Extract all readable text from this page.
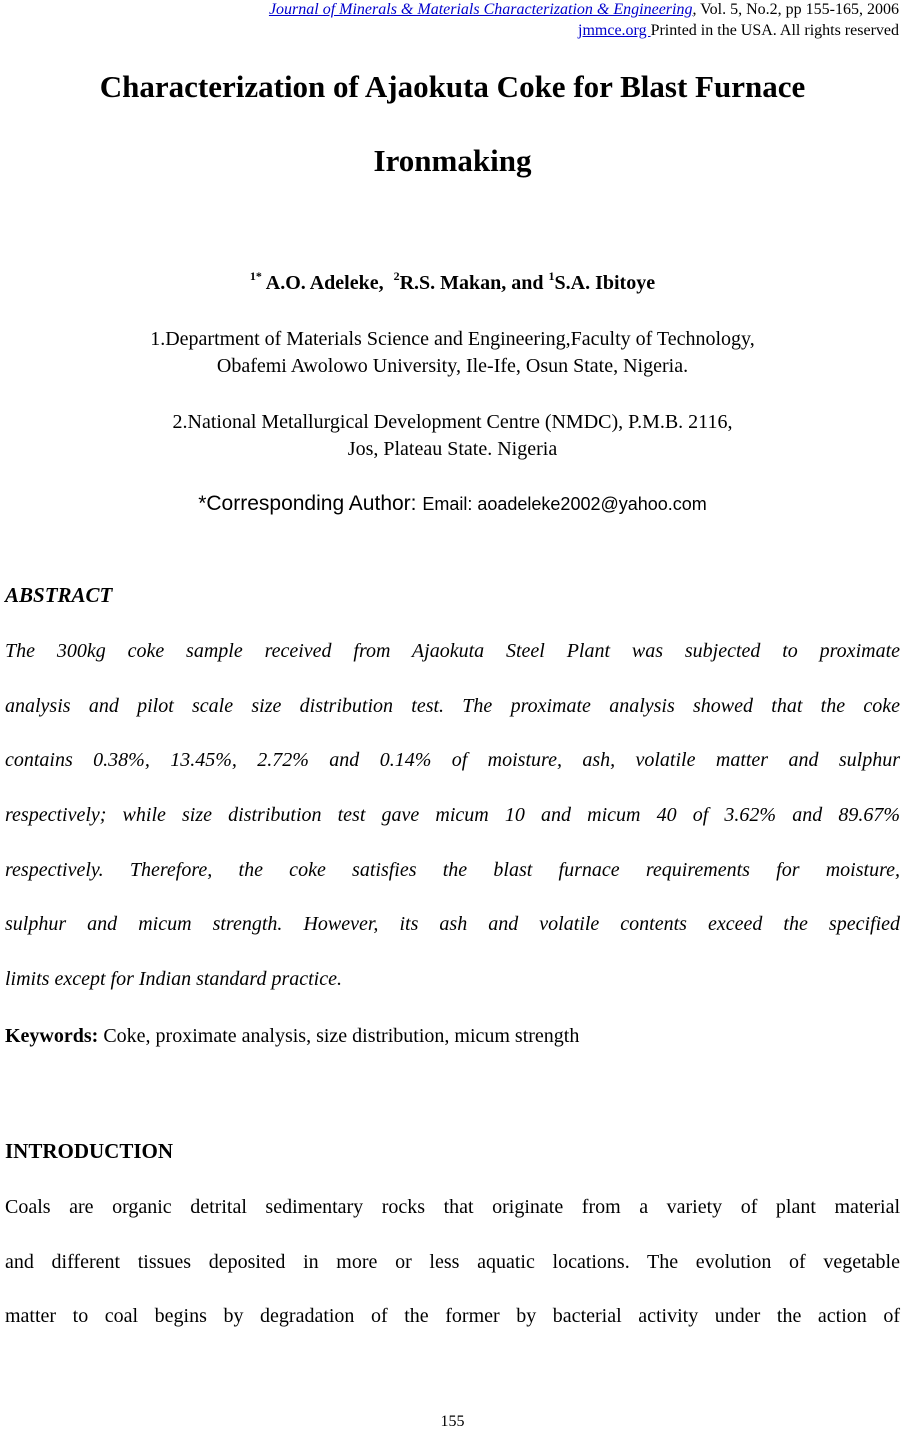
Journal of Minerals & Materials Characterization & Engineering, Vol. 5, No.2, pp 155-165, 2006
jmmce.org Printed in the USA. All rights reserved
Characterization of Ajaokuta Coke for Blast Furnace
Ironmaking
$^{1*}$ A.O. Adeleke,  $^2$R.S. Makan, and $^1$S.A. Ibitoye
1.Department of Materials Science and Engineering,Faculty of Technology,
Obafemi Awolowo University, Ile-Ife, Osun State, Nigeria.
2.National Metallurgical Development Centre (NMDC), P.M.B. 2116,
Jos, Plateau State. Nigeria
*Corresponding Author: Email: aoadeleke2002@yahoo.com
ABSTRACT
The 300kg coke sample received from Ajaokuta Steel Plant was subjected to proximate
analysis and pilot scale size distribution test. The proximate analysis showed that the coke
contains 0.38%, 13.45%, 2.72% and 0.14% of moisture, ash, volatile matter and sulphur
respectively; while size distribution test gave micum 10 and micum 40 of 3.62% and 89.67%
respectively. Therefore, the coke satisfies the blast furnace requirements for moisture,
sulphur and micum strength. However, its ash and volatile contents exceed the specified
limits except for Indian standard practice.
Keywords: Coke, proximate analysis, size distribution, micum strength
INTRODUCTION
Coals are organic detrital sedimentary rocks that originate from a variety of plant material
and different tissues deposited in more or less aquatic locations. The evolution of vegetable
matter to coal begins by degradation of the former by bacterial activity under the action of
155
